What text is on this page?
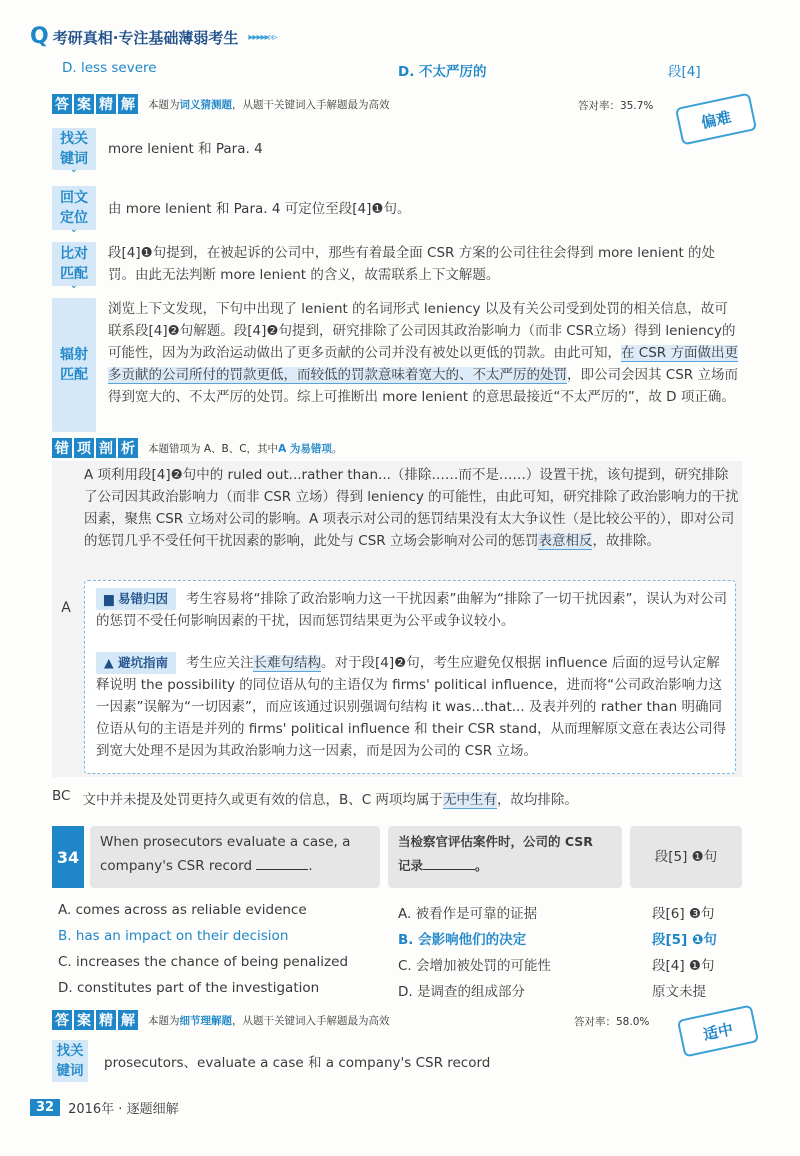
Q 考研真相·专注基础薄弱考生 ▸▸▸▸▸▹▹
D. less severe	D. 不太严厉的	段[4]
答 案 精 解 本题为词义猜测题，从题干关键词入手解题最为高效	答对率：35.7%
偏难
找关键词
⌄
more lenient 和 Para. 4
回文定位
⌄
由 more lenient 和 Para. 4 可定位至段[4]❶句。
比对匹配
⌄
段[4]❶句提到，在被起诉的公司中，那些有着最全面 CSR 方案的公司往往会得到 more lenient 的处罚。由此无法判断 more lenient 的含义，故需联系上下文解题。
辐射匹配
浏览上下文发现，下句中出现了 lenient 的名词形式 leniency 以及有关公司受到处罚的相关信息，故可联系段[4]❷句解题。段[4]❷句提到，研究排除了公司因其政治影响力（而非 CSR立场）得到 leniency的可能性，因为为政治运动做出了更多贡献的公司并没有被处以更低的罚款。由此可知，在 CSR 方面做出更多贡献的公司所付的罚款更低，而较低的罚款意味着宽大的、不太严厉的处罚，即公司会因其 CSR 立场而得到宽大的、不太严厉的处罚。综上可推断出 more lenient 的意思最接近“不太严厉的”，故 D 项正确。
错 项 剖 析 本题错项为 A、B、C，其中A 为易错项。
A
A 项利用段[4]❷句中的 ruled out...rather than...（排除……而不是……）设置干扰，该句提到，研究排除了公司因其政治影响力（而非 CSR 立场）得到 leniency 的可能性，由此可知，研究排除了政治影响力的干扰因素，聚焦 CSR 立场对公司的影响。A 项表示对公司的惩罚结果没有太大争议性（是比较公平的），即对公司的惩罚几乎不受任何干扰因素的影响，此处与 CSR 立场会影响对公司的惩罚表意相反，故排除。
▆ 易错归因 考生容易将“排除了政治影响力这一干扰因素”曲解为“排除了一切干扰因素”，误认为对公司的惩罚不受任何影响因素的干扰，因而惩罚结果更为公平或争议较小。
▲ 避坑指南 考生应关注长难句结构。对于段[4]❷句，考生应避免仅根据 influence 后面的逗号认定解释说明 the possibility 的同位语从句的主语仅为 firms' political influence，进而将“公司政治影响力这一因素”误解为“一切因素”，而应该通过识别强调句结构 it was...that... 及表并列的 rather than 明确同位语从句的主语是并列的 firms' political influence 和 their CSR stand，从而理解原文意在表达公司得到宽大处理不是因为其政治影响力这一因素，而是因为公司的 CSR 立场。
BC 文中并未提及处罚更持久或更有效的信息，B、C 两项均属于无中生有，故均排除。
34
When prosecutors evaluate a case, a
company's CSR record	.
当检察官评估案件时，公司的 CSR
记录	。
段[5] ❶句
A. comes across as reliable evidence	A. 被看作是可靠的证据	段[6] ❸句
B. has an impact on their decision	B. 会影响他们的决定	段[5] ❶句
C. increases the chance of being penalized	C. 会增加被处罚的可能性	段[4] ❶句
D. constitutes part of the investigation	D. 是调查的组成部分	原文未提
答 案 精 解 本题为细节理解题，从题干关键词入手解题最为高效	答对率：58.0%	适中
找关键词	prosecutors、evaluate a case 和 a company's CSR record
32	2016年 · 逐题细解
